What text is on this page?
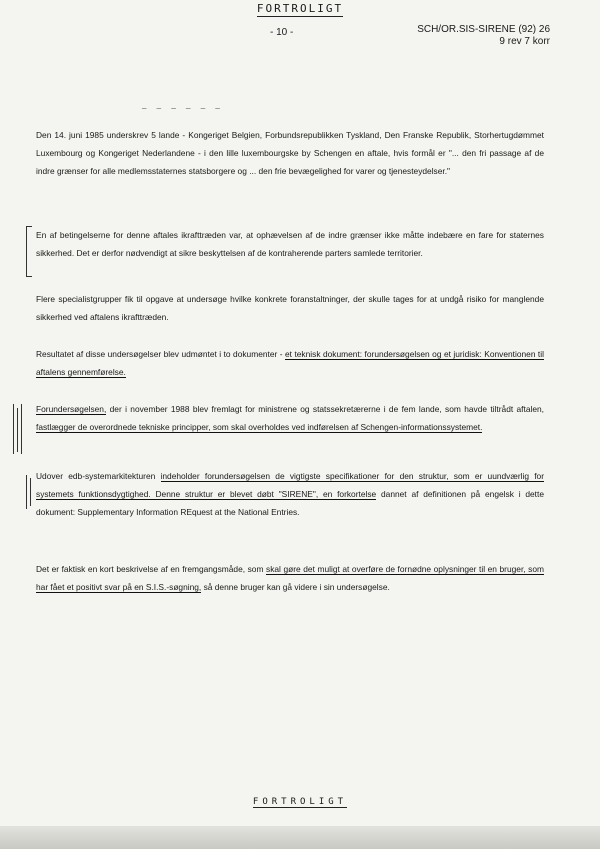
FORTROLIGT
- 10 -	SCH/OR.SIS-SIRENE (92) 26
9 rev 7 korr
_ _ _ _ _ _
Den 14. juni 1985 underskrev 5 lande - Kongeriget Belgien, Forbundsrepublikken Tyskland, Den Franske Republik, Storhertugdømmet Luxembourg og Kongeriget Nederlandene - i den lille luxembourgske by Schengen en aftale, hvis formål er "... den fri passage af de indre grænser for alle medlemsstaternes statsborgere og ... den frie bevægelighed for varer og tjenesteydelser."
En af betingelserne for denne aftales ikrafttræden var, at ophævelsen af de indre grænser ikke måtte indebære en fare for staternes sikkerhed. Det er derfor nødvendigt at sikre beskyttelsen af de kontraherende parters samlede territorier.
Flere specialistgrupper fik til opgave at undersøge hvilke konkrete foranstaltninger, der skulle tages for at undgå risiko for manglende sikkerhed ved aftalens ikrafttræden.
Resultatet af disse undersøgelser blev udmøntet i to dokumenter - et teknisk dokument: forundersøgelsen og et juridisk: Konventionen til aftalens gennemførelse.
Forundersøgelsen, der i november 1988 blev fremlagt for ministrene og statssekretærerne i de fem lande, som havde tiltrådt aftalen, fastlægger de overordnede tekniske principper, som skal overholdes ved indførelsen af Schengen-informationssystemet.
Udover edb-systemarkitekturen indeholder forundersøgelsen de vigtigste specifikationer for den struktur, som er uundværlig for systemets funktionsdygtighed. Denne struktur er blevet døbt "SIRENE", en forkortelse dannet af definitionen på engelsk i dette dokument: Supplementary Information REquest at the National Entries.
Det er faktisk en kort beskrivelse af en fremgangsmåde, som skal gøre det muligt at overføre de fornødne oplysninger til en bruger, som har fået et positivt svar på en S.I.S.-søgning, så denne bruger kan gå videre i sin undersøgelse.
FORTROLIGT
